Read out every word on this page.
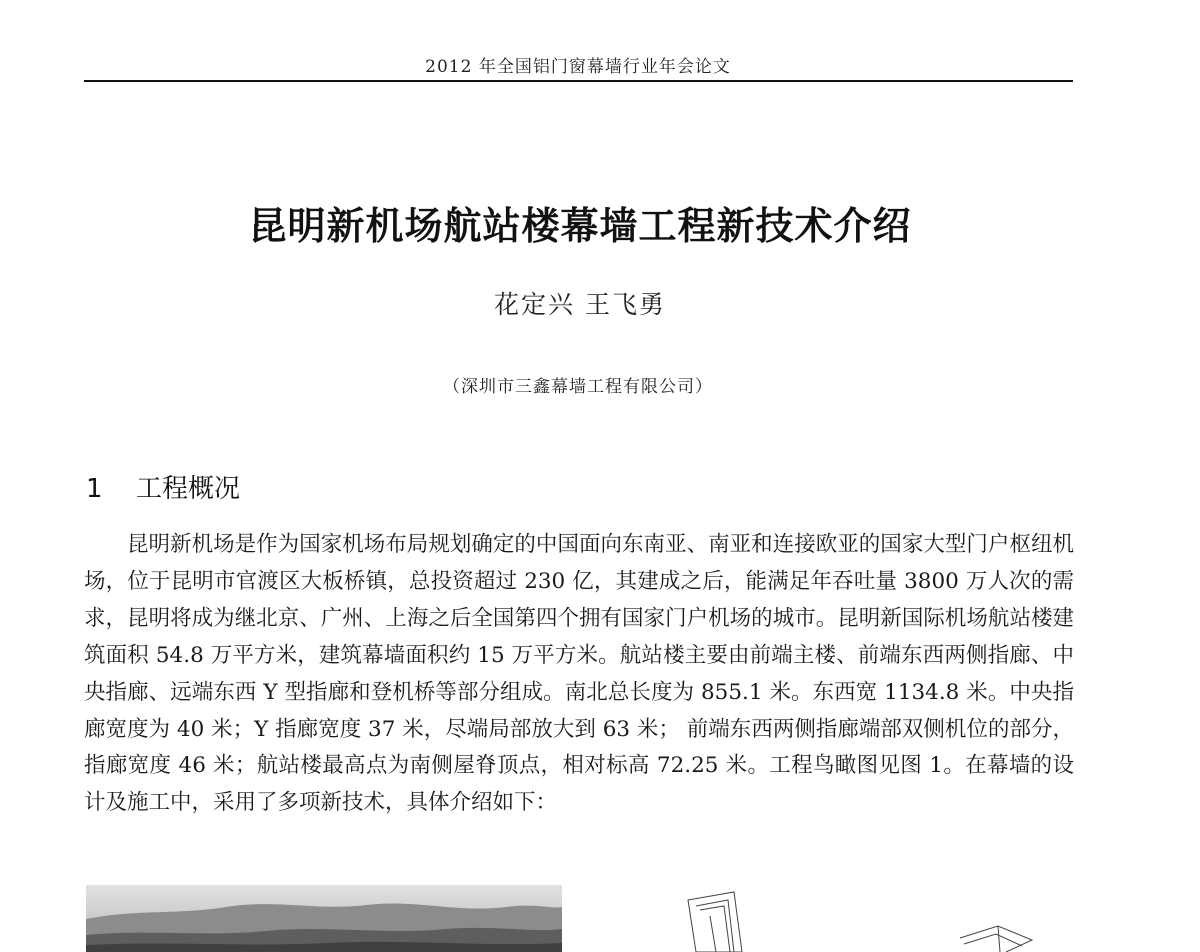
2012 年全国铝门窗幕墙行业年会论文
昆明新机场航站楼幕墙工程新技术介绍
花定兴 王飞勇
（深圳市三鑫幕墙工程有限公司）
1 工程概况

昆明新机场是作为国家机场布局规划确定的中国面向东南亚、南亚和连接欧亚的国家大型门户枢纽机场，位于昆明市官渡区大板桥镇，总投资超过 230 亿，其建成之后，能满足年吞吐量 3800 万人次的需求，昆明将成为继北京、广州、上海之后全国第四个拥有国家门户机场的城市。昆明新国际机场航站楼建筑面积 54.8 万平方米，建筑幕墙面积约 15 万平方米。航站楼主要由前端主楼、前端东西两侧指廊、中央指廊、远端东西 Y 型指廊和登机桥等部分组成。南北总长度为 855.1 米。东西宽 1134.8 米。中央指廊宽度为 40 米；Y 指廊宽度 37 米，尽端局部放大到 63 米； 前端东西两侧指廊端部双侧机位的部分，指廊宽度 46 米；航站楼最高点为南侧屋脊顶点，相对标高 72.25 米。工程鸟瞰图见图 1。在幕墙的设计及施工中，采用了多项新技术，具体介绍如下：
